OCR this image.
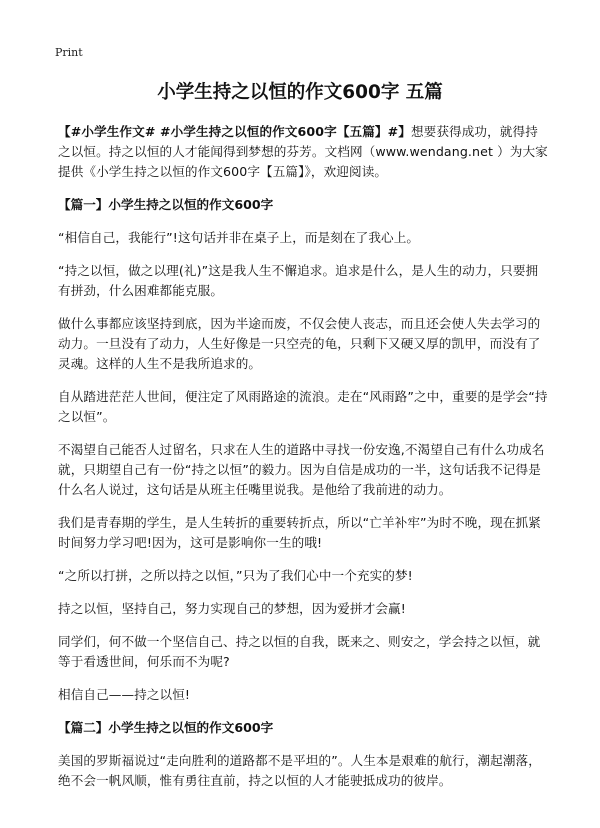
Print
小学生持之以恒的作文600字 五篇

【#小学生作文# #小学生持之以恒的作文600字【五篇】#】想要获得成功，就得持之以恒。持之以恒的人才能闻得到梦想的芬芳。文档网（www.wendang.net ）为大家提供《小学生持之以恒的作文600字【五篇】》，欢迎阅读。

【篇一】小学生持之以恒的作文600字

“相信自己，我能行”!这句话并非在桌子上，而是刻在了我心上。

“持之以恒，做之以理(礼)”这是我人生不懈追求。追求是什么，是人生的动力，只要拥有拼劲，什么困难都能克服。

做什么事都应该坚持到底，因为半途而废，不仅会使人丧志，而且还会使人失去学习的动力。一旦没有了动力，人生好像是一只空壳的龟，只剩下又硬又厚的凯甲，而没有了灵魂。这样的人生不是我所追求的。

自从踏进茫茫人世间，便注定了风雨路途的流浪。走在“风雨路”之中，重要的是学会“持之以恒”。

不渴望自己能否人过留名，只求在人生的道路中寻找一份安逸,不渴望自己有什么功成名就，只期望自己有一份“持之以恒”的毅力。因为自信是成功的一半，这句话我不记得是什么名人说过，这句话是从班主任嘴里说我。是他给了我前进的动力。

我们是青春期的学生，是人生转折的重要转折点，所以“亡羊补牢”为时不晚，现在抓紧时间努力学习吧!因为，这可是影响你一生的哦!

“之所以打拼，之所以持之以恒，”只为了我们心中一个充实的梦!

持之以恒，坚持自己，努力实现自己的梦想，因为爱拼才会赢!

同学们，何不做一个坚信自己、持之以恒的自我，既来之、则安之，学会持之以恒，就等于看透世间，何乐而不为呢?

相信自己——持之以恒!

【篇二】小学生持之以恒的作文600字

美国的罗斯福说过“走向胜利的道路都不是平坦的”。人生本是艰难的航行，潮起潮落，绝不会一帆风顺，惟有勇往直前，持之以恒的人才能驶抵成功的彼岸。
